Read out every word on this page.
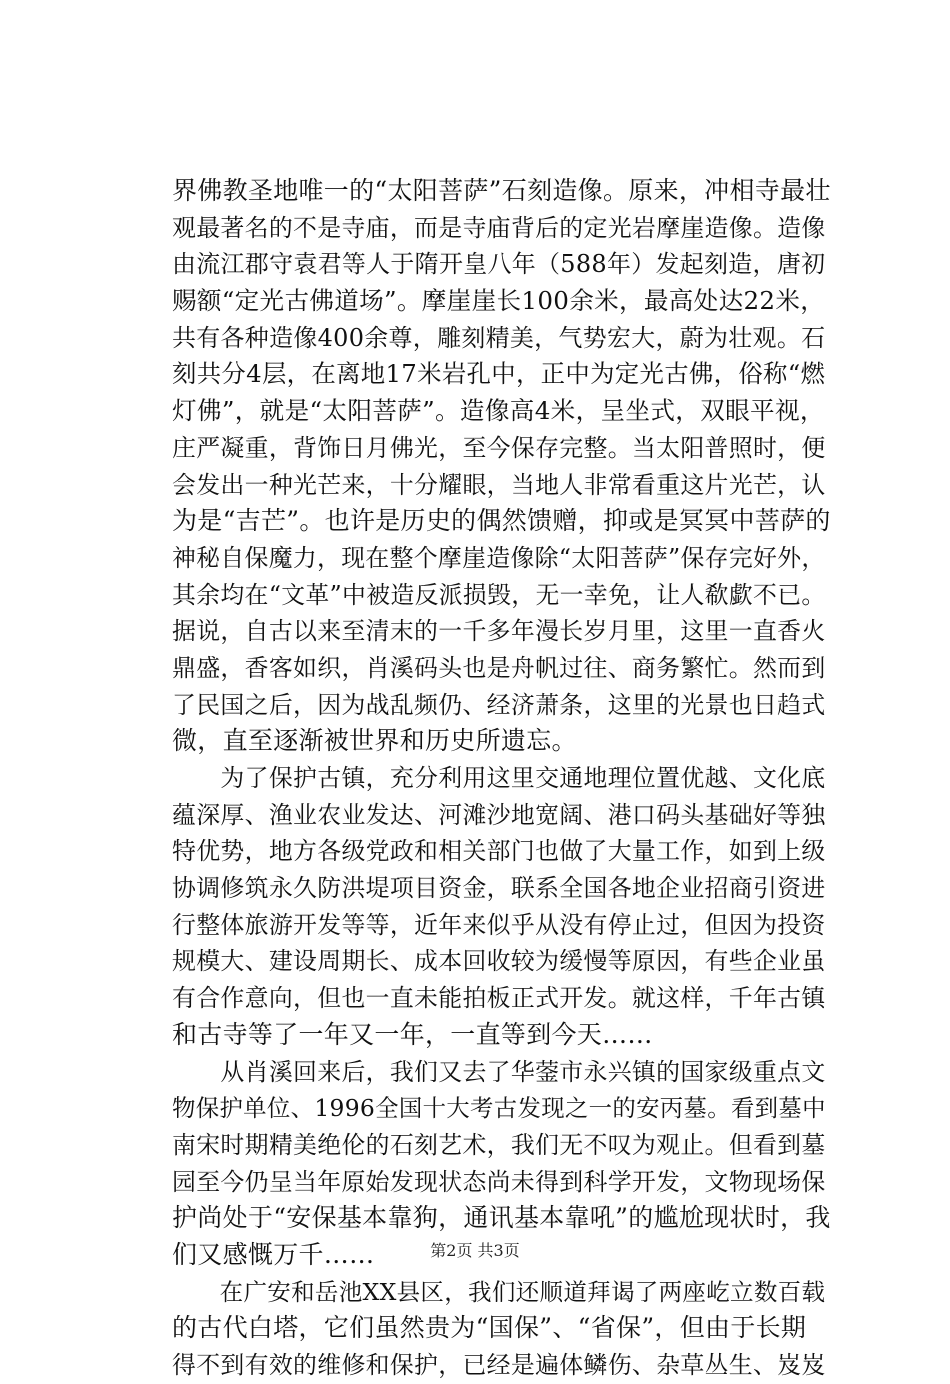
界佛教圣地唯一的“太阳菩萨”石刻造像。原来，冲相寺最壮
观最著名的不是寺庙，而是寺庙背后的定光岩摩崖造像。造像
由流江郡守袁君等人于隋开皇八年（588年）发起刻造，唐初
赐额“定光古佛道场”。摩崖崖长100余米，最高处达22米，
共有各种造像400余尊，雕刻精美，气势宏大，蔚为壮观。石
刻共分4层，在离地17米岩孔中，正中为定光古佛，俗称“燃
灯佛”，就是“太阳菩萨”。造像高4米，呈坐式，双眼平视，
庄严凝重，背饰日月佛光，至今保存完整。当太阳普照时，便
会发出一种光芒来，十分耀眼，当地人非常看重这片光芒，认
为是“吉芒”。也许是历史的偶然馈赠，抑或是冥冥中菩萨的
神秘自保魔力，现在整个摩崖造像除“太阳菩萨”保存完好外，
其余均在“文革”中被造反派损毁，无一幸免，让人欷歔不已。
据说，自古以来至清末的一千多年漫长岁月里，这里一直香火
鼎盛，香客如织，肖溪码头也是舟帆过往、商务繁忙。然而到
了民国之后，因为战乱频仍、经济萧条，这里的光景也日趋式
微，直至逐渐被世界和历史所遗忘。
　　为了保护古镇，充分利用这里交通地理位置优越、文化底
蕴深厚、渔业农业发达、河滩沙地宽阔、港口码头基础好等独
特优势，地方各级党政和相关部门也做了大量工作，如到上级
协调修筑永久防洪堤项目资金，联系全国各地企业招商引资进
行整体旅游开发等等，近年来似乎从没有停止过，但因为投资
规模大、建设周期长、成本回收较为缓慢等原因，有些企业虽
有合作意向，但也一直未能拍板正式开发。就这样，千年古镇
和古寺等了一年又一年，一直等到今天……
　　从肖溪回来后，我们又去了华蓥市永兴镇的国家级重点文
物保护单位、1996全国十大考古发现之一的安丙墓。看到墓中
南宋时期精美绝伦的石刻艺术，我们无不叹为观止。但看到墓
园至今仍呈当年原始发现状态尚未得到科学开发，文物现场保
护尚处于“安保基本靠狗，通讯基本靠吼”的尴尬现状时，我
们又感慨万千……
　　在广安和岳池XX县区，我们还顺道拜谒了两座屹立数百载
的古代白塔，它们虽然贵为“国保”、“省保”，但由于长期
得不到有效的维修和保护，已经是遍体鳞伤、杂草丛生、岌岌
第2页 共3页
